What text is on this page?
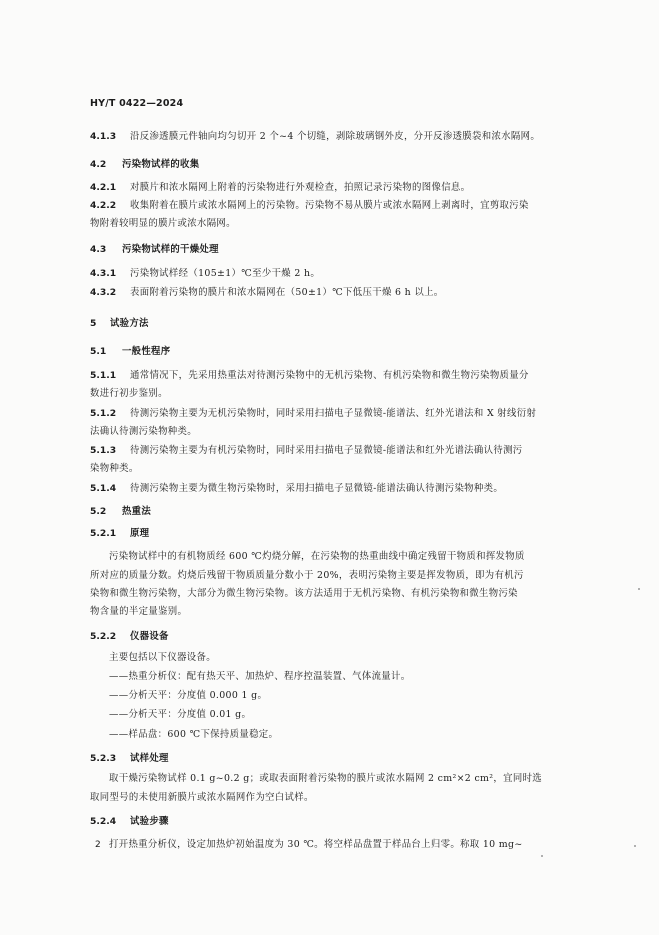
HY/T 0422—2024
4.1.3 沿反渗透膜元件轴向均匀切开 2 个~4 个切缝，剥除玻璃钢外皮，分开反渗透膜袋和浓水隔网。
4.2 污染物试样的收集
4.2.1 对膜片和浓水隔网上附着的污染物进行外观检查，拍照记录污染物的图像信息。
4.2.2 收集附着在膜片或浓水隔网上的污染物。污染物不易从膜片或浓水隔网上剥离时，宜剪取污染
物附着较明显的膜片或浓水隔网。
4.3 污染物试样的干燥处理
4.3.1 污染物试样经（105±1）℃至少干燥 2 h。
4.3.2 表面附着污染物的膜片和浓水隔网在（50±1）℃下低压干燥 6 h 以上。
5 试验方法
5.1 一般性程序
5.1.1 通常情况下，先采用热重法对待测污染物中的无机污染物、有机污染物和微生物污染物质量分
数进行初步鉴别。
5.1.2 待测污染物主要为无机污染物时，同时采用扫描电子显微镜-能谱法、红外光谱法和 X 射线衍射
法确认待测污染物种类。
5.1.3 待测污染物主要为有机污染物时，同时采用扫描电子显微镜-能谱法和红外光谱法确认待测污
染物种类。
5.1.4 待测污染物主要为微生物污染物时，采用扫描电子显微镜-能谱法确认待测污染物种类。
5.2 热重法
5.2.1 原理
污染物试样中的有机物质经 600 ℃灼烧分解，在污染物的热重曲线中确定残留干物质和挥发物质
所对应的质量分数。灼烧后残留干物质质量分数小于 20%，表明污染物主要是挥发物质，即为有机污
染物和微生物污染物，大部分为微生物污染物。该方法适用于无机污染物、有机污染物和微生物污染
物含量的半定量鉴别。
5.2.2 仪器设备
主要包括以下仪器设备。
——热重分析仪：配有热天平、加热炉、程序控温装置、气体流量计。
——分析天平：分度值 0.000 1 g。
——分析天平：分度值 0.01 g。
——样品盘：600 ℃下保持质量稳定。
5.2.3 试样处理
取干燥污染物试样 0.1 g~0.2 g；或取表面附着污染物的膜片或浓水隔网 2 cm²×2 cm²，宜同时选
取同型号的未使用新膜片或浓水隔网作为空白试样。
5.2.4 试验步骤
打开热重分析仪，设定加热炉初始温度为 30 ℃。将空样品盘置于样品台上归零。称取 10 mg~
2
